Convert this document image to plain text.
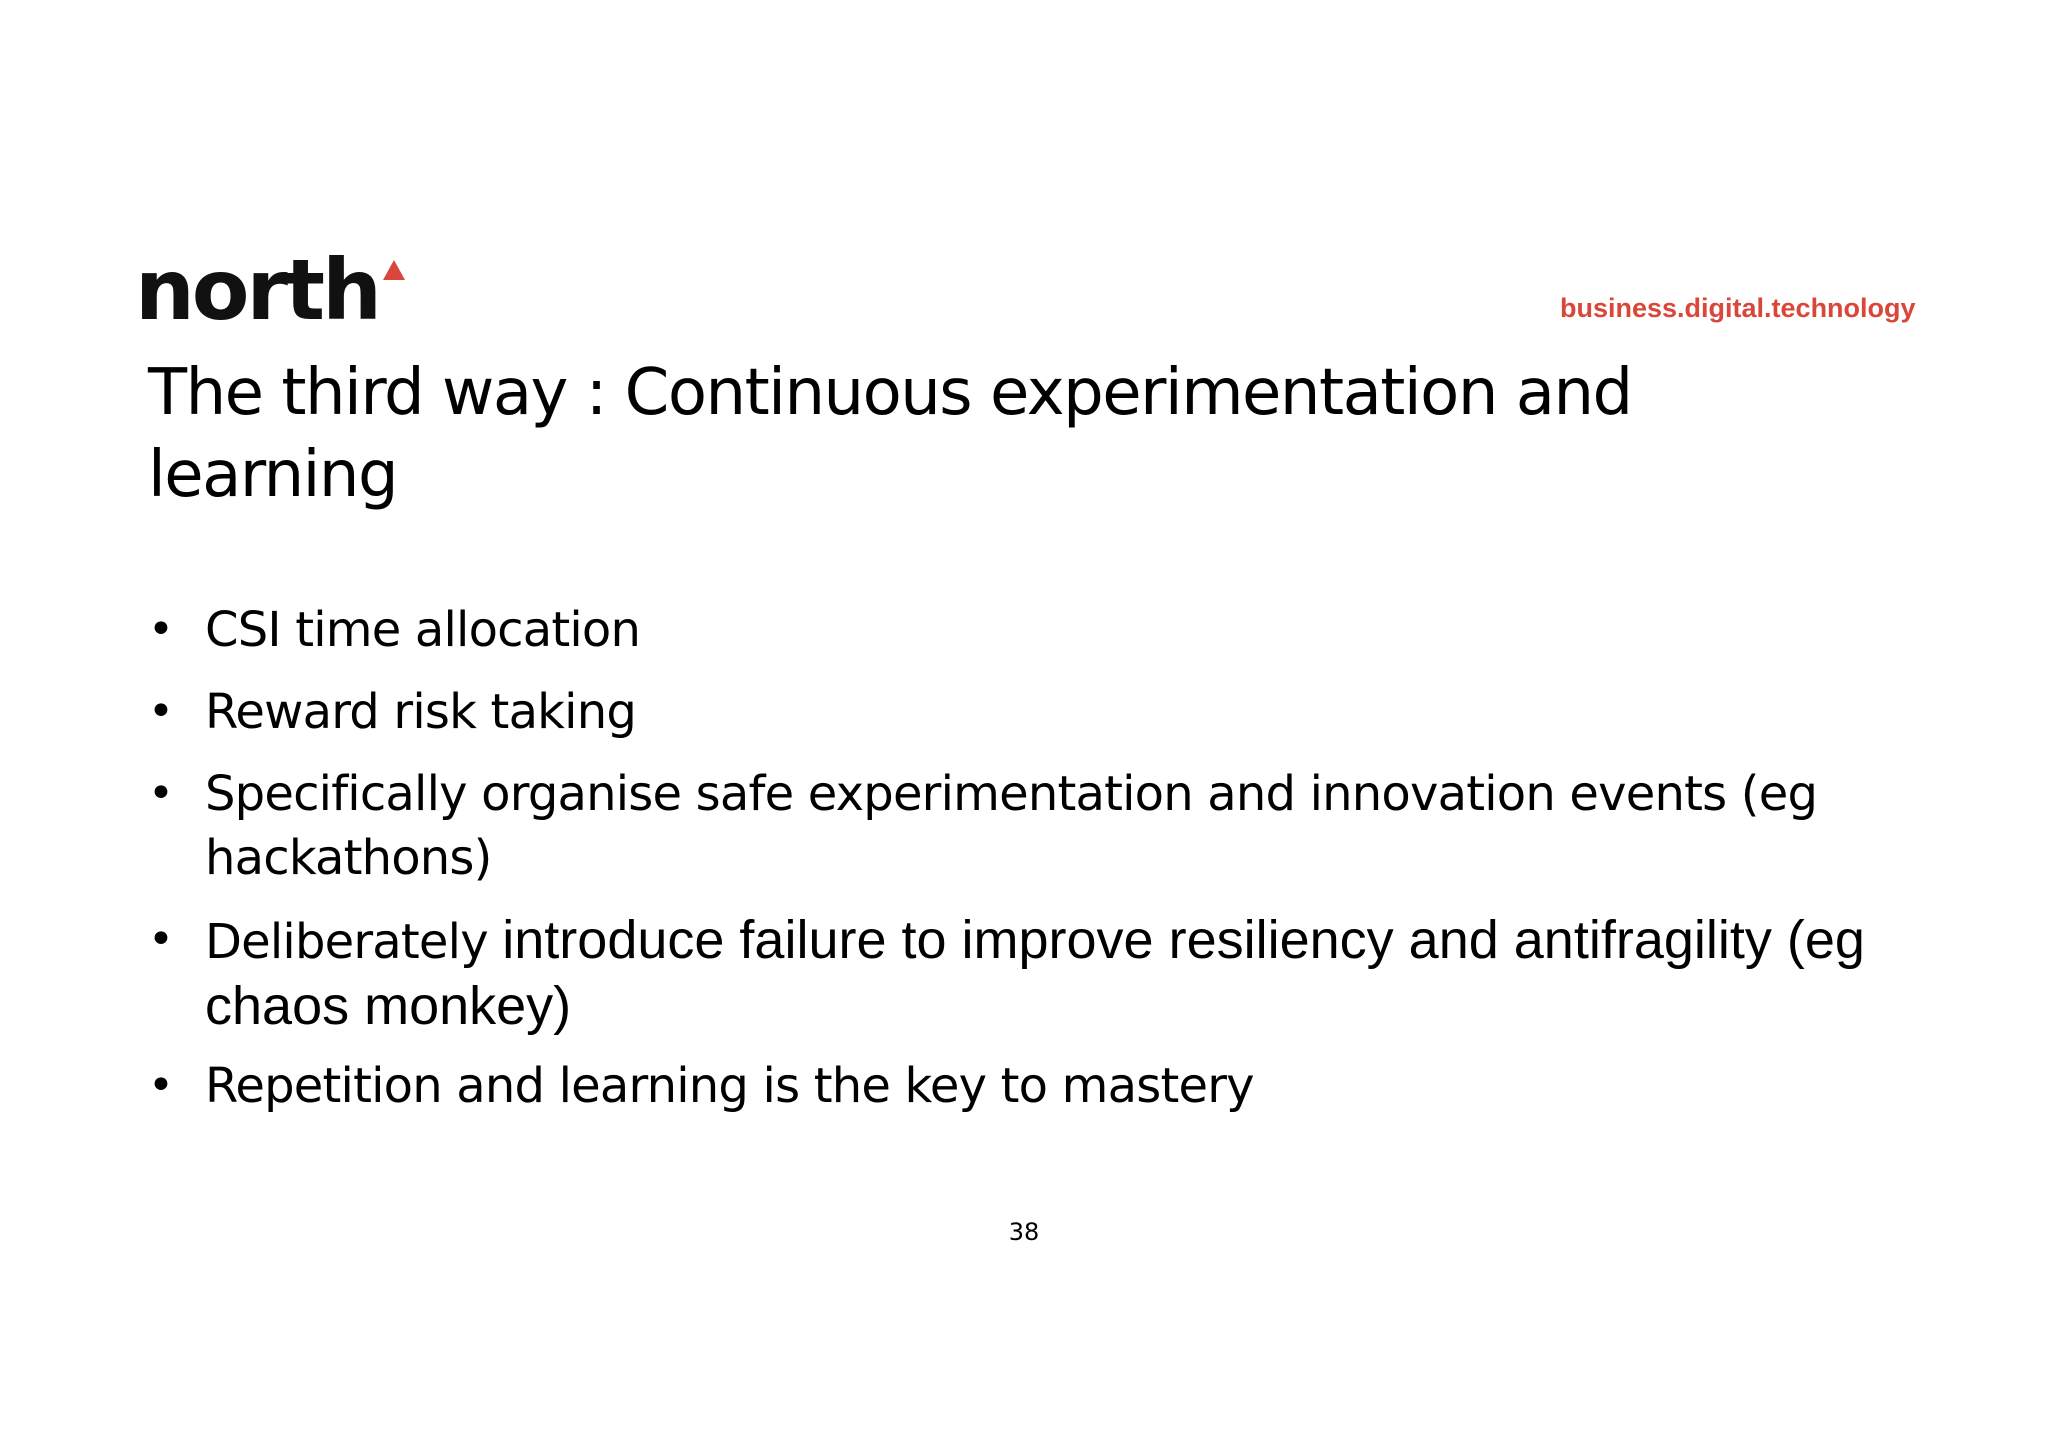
north	business.digital.technology
The third way : Continuous experimentation and learning
• CSI time allocation
• Reward risk taking
• Specifically organise safe experimentation and innovation events (eg hackathons)
• Deliberately introduce failure to improve resiliency and antifragility (eg chaos monkey)
• Repetition and learning is the key to mastery
38
